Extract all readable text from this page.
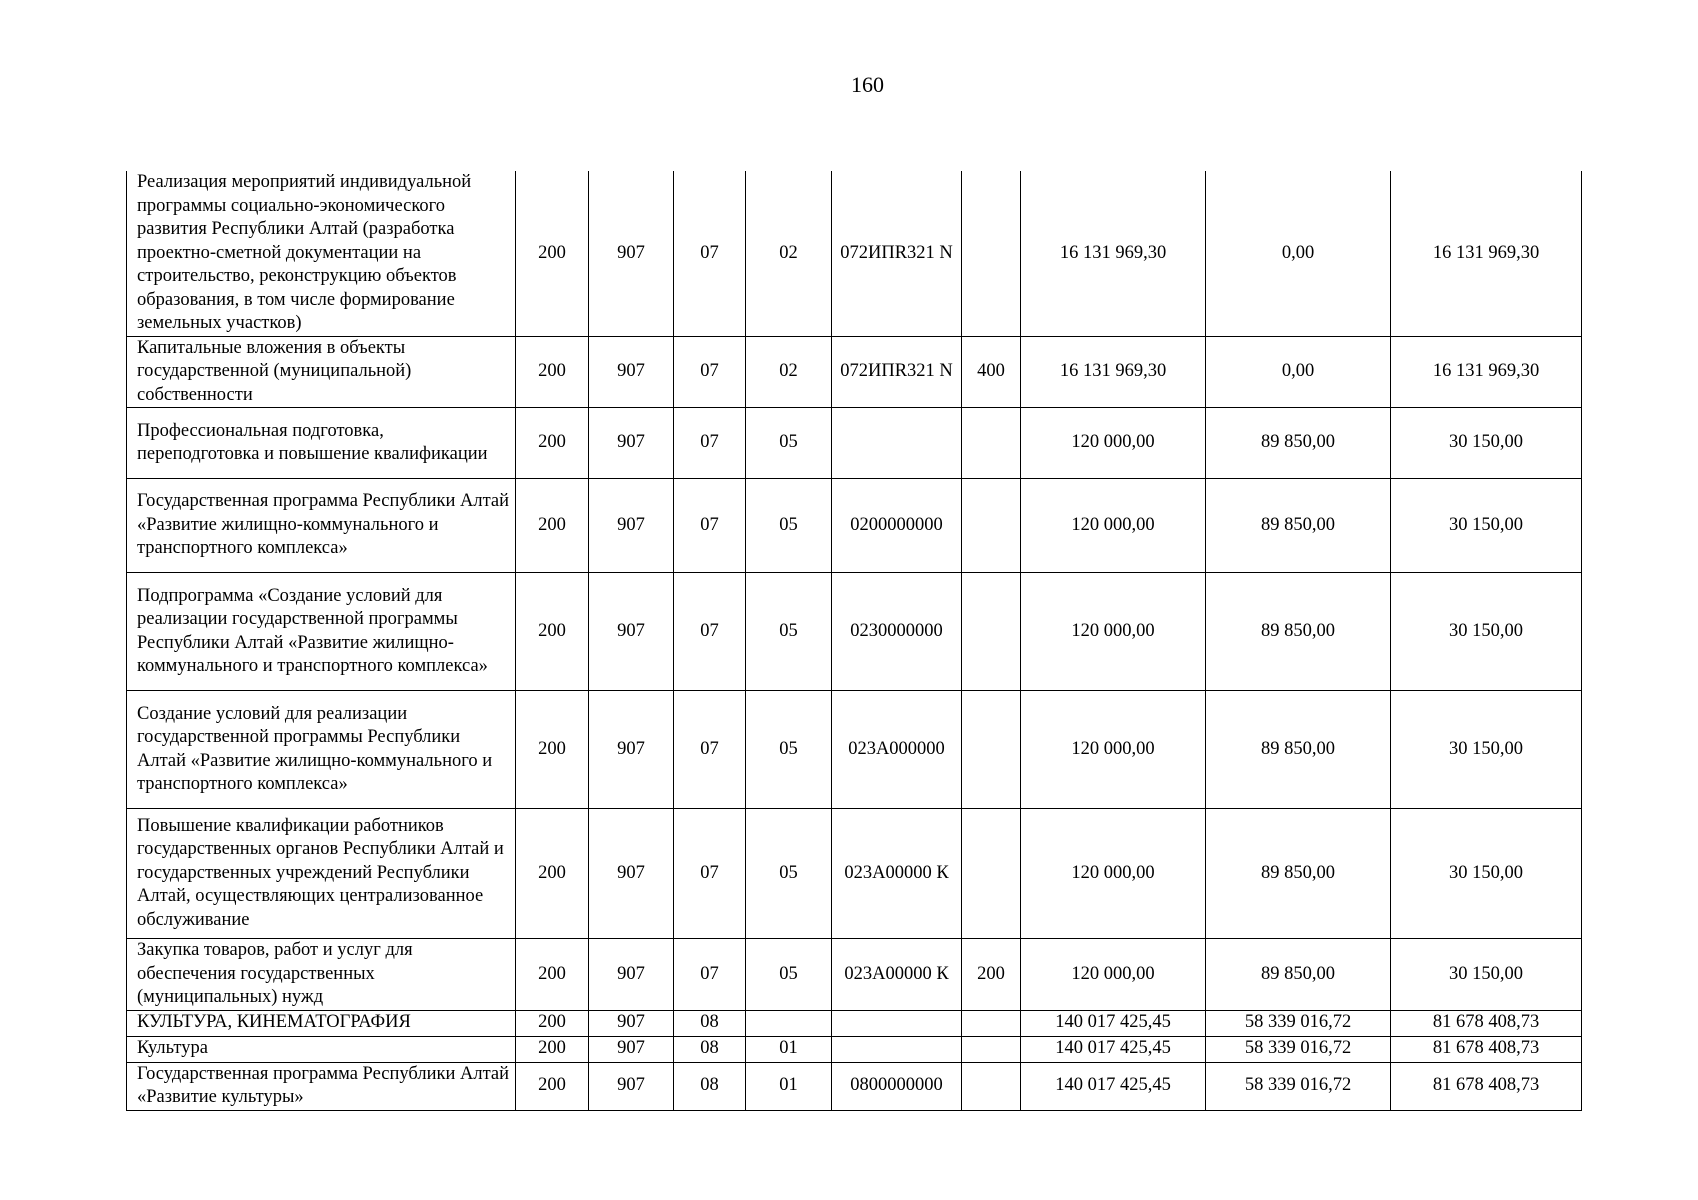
160
Реализация мероприятий индивидуальной программы социально-экономического развития Республики Алтай (разработка проектно-сметной документации на строительство, реконструкцию объектов образования, в том числе формирование земельных участков)	200	907	07	02	072ИПR321 N		16 131 969,30	0,00	16 131 969,30
Капитальные вложения в объекты государственной (муниципальной) собственности	200	907	07	02	072ИПR321 N	400	16 131 969,30	0,00	16 131 969,30
Профессиональная подготовка, переподготовка и повышение квалификации	200	907	07	05			120 000,00	89 850,00	30 150,00
Государственная программа Республики Алтай «Развитие жилищно-коммунального и транспортного комплекса»	200	907	07	05	0200000000		120 000,00	89 850,00	30 150,00
Подпрограмма «Создание условий для реализации государственной программы Республики Алтай «Развитие жилищно-коммунального и транспортного комплекса»	200	907	07	05	0230000000		120 000,00	89 850,00	30 150,00
Создание условий для реализации государственной программы Республики Алтай «Развитие жилищно-коммунального и транспортного комплекса»	200	907	07	05	023А000000		120 000,00	89 850,00	30 150,00
Повышение квалификации работников государственных органов Республики Алтай и государственных учреждений Республики Алтай, осуществляющих централизованное обслуживание	200	907	07	05	023А00000 К		120 000,00	89 850,00	30 150,00
Закупка товаров, работ и услуг для обеспечения государственных (муниципальных) нужд	200	907	07	05	023А00000 К	200	120 000,00	89 850,00	30 150,00
КУЛЬТУРА, КИНЕМАТОГРАФИЯ	200	907	08				140 017 425,45	58 339 016,72	81 678 408,73
Культура	200	907	08	01			140 017 425,45	58 339 016,72	81 678 408,73
Государственная программа Республики Алтай «Развитие культуры»	200	907	08	01	0800000000		140 017 425,45	58 339 016,72	81 678 408,73
